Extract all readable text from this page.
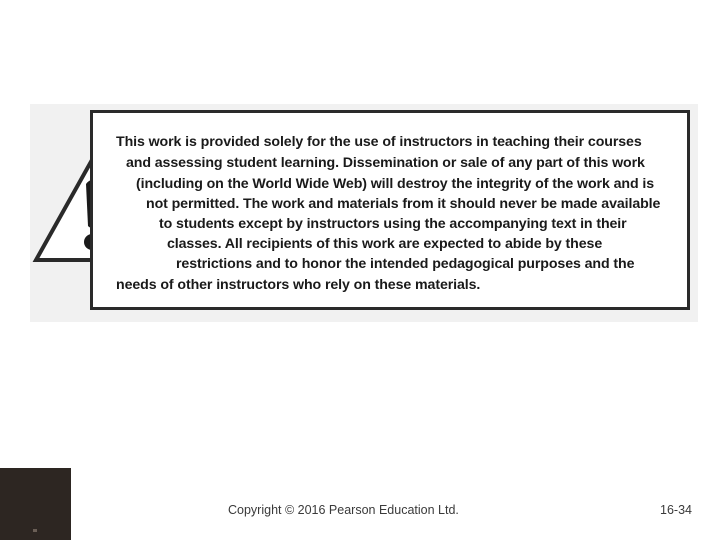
This work is provided solely for the use of instructors in teaching their courses
and assessing student learning. Dissemination or sale of any part of this work
(including on the World Wide Web) will destroy the integrity of the work and is
not permitted. The work and materials from it should never be made available
to students except by instructors using the accompanying text in their
classes. All recipients of this work are expected to abide by these
restrictions and to honor the intended pedagogical purposes and the
needs of other instructors who rely on these materials.

Copyright © 2016 Pearson Education Ltd.	16-34
